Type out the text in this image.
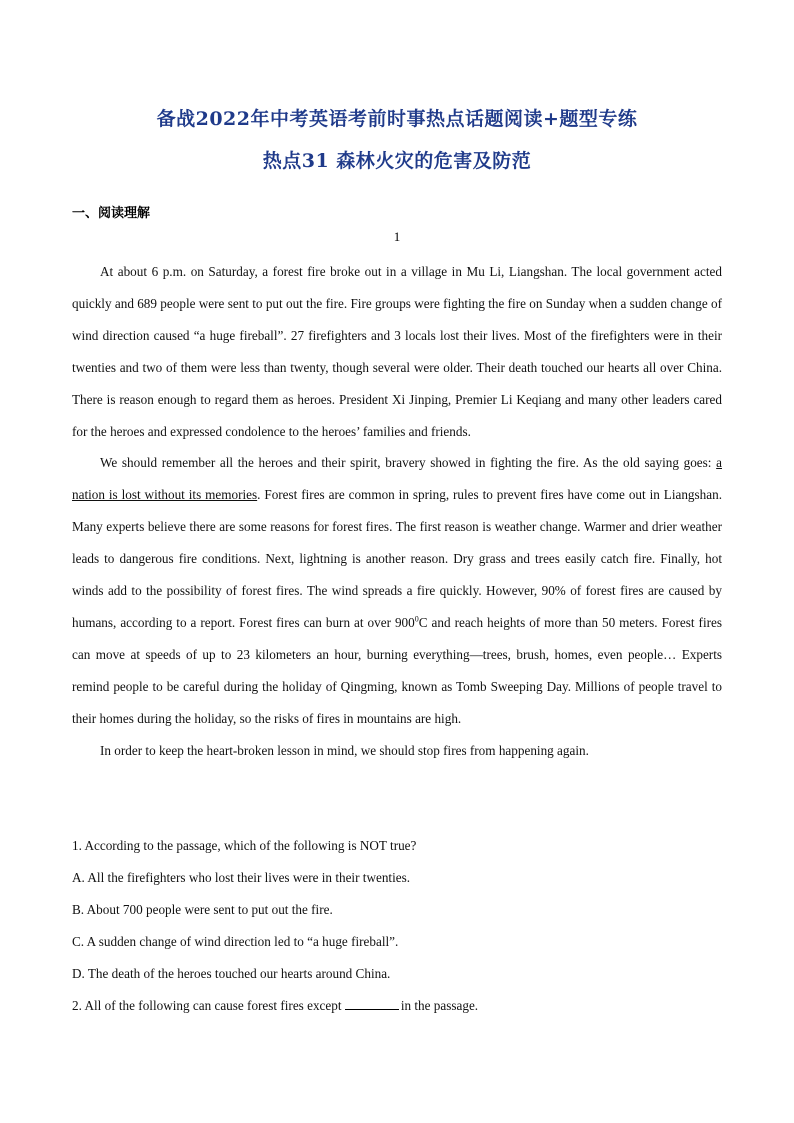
备战2022年中考英语考前时事热点话题阅读+题型专练
热点31 森林火灾的危害及防范
一、阅读理解
1

At about 6 p.m. on Saturday, a forest fire broke out in a village in Mu Li, Liangshan. The local government acted quickly and 689 people were sent to put out the fire. Fire groups were fighting the fire on Sunday when a sudden change of wind direction caused “a huge fireball”. 27 firefighters and 3 locals lost their lives. Most of the firefighters were in their twenties and two of them were less than twenty, though several were older. Their death touched our hearts all over China. There is reason enough to regard them as heroes. President Xi Jinping, Premier Li Keqiang and many other leaders cared for the heroes and expressed condolence to the heroes’ families and friends.

We should remember all the heroes and their spirit, bravery showed in fighting the fire. As the old saying goes: a nation is lost without its memories. Forest fires are common in spring, rules to prevent fires have come out in Liangshan. Many experts believe there are some reasons for forest fires. The first reason is weather change. Warmer and drier weather leads to dangerous fire conditions. Next, lightning is another reason. Dry grass and trees easily catch fire. Finally, hot winds add to the possibility of forest fires. The wind spreads a fire quickly. However, 90% of forest fires are caused by humans, according to a report. Forest fires can burn at over $900^0C$ and reach heights of more than 50 meters. Forest fires can move at speeds of up to 23 kilometers an hour, burning everything—trees, brush, homes, even people… Experts remind people to be careful during the holiday of Qingming, known as Tomb Sweeping Day. Millions of people travel to their homes during the holiday, so the risks of fires in mountains are high.

In order to keep the heart-broken lesson in mind, we should stop fires from happening again.

1. According to the passage, which of the following is NOT true?
A. All the firefighters who lost their lives were in their twenties.
B. About 700 people were sent to put out the fire.
C. A sudden change of wind direction led to “a huge fireball”.
D. The death of the heroes touched our hearts around China.
2. All of the following can cause forest fires except	in the passage.
